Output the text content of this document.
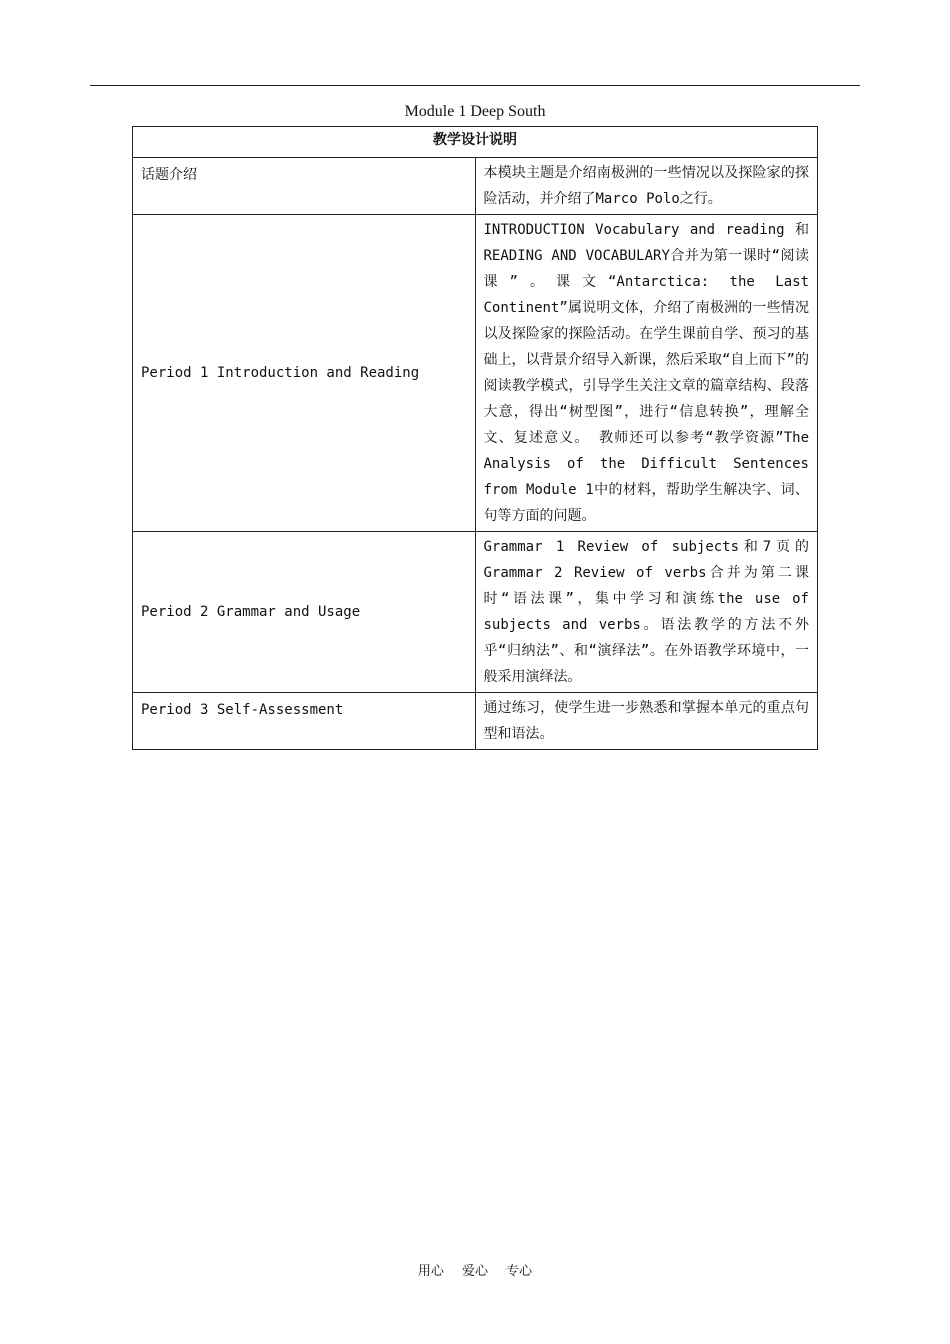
Module 1 Deep South
教学设计说明	
话题介绍	本模块主题是介绍南极洲的一些情况以及探险家的探险活动，并介绍了Marco Polo之行。
Period 1 Introduction and Reading	INTRODUCTION Vocabulary and reading 和READING AND VOCABULARY合并为第一课时“阅读课”。课文“Antarctica: the Last Continent”属说明文体，介绍了南极洲的一些情况以及探险家的探险活动。在学生课前自学、预习的基础上，以背景介绍导入新课，然后采取“自上而下”的阅读教学模式，引导学生关注文章的篇章结构、段落大意，得出“树型图”，进行“信息转换”，理解全文、复述意义。 教师还可以参考“教学资源”The Analysis of the Difficult Sentences from Module 1中的材料，帮助学生解决字、词、句等方面的问题。
Period 2 Grammar and Usage	Grammar 1 Review of subjects和7页的Grammar 2 Review of verbs合并为第二课时“语法课”，集中学习和演练the use of subjects and verbs。语法教学的方法不外乎“归纳法”、和“演绎法”。在外语教学环境中，一般采用演绎法。
Period 3 Self-Assessment	通过练习，使学生进一步熟悉和掌握本单元的重点句型和语法。
用心 爱心 专心
